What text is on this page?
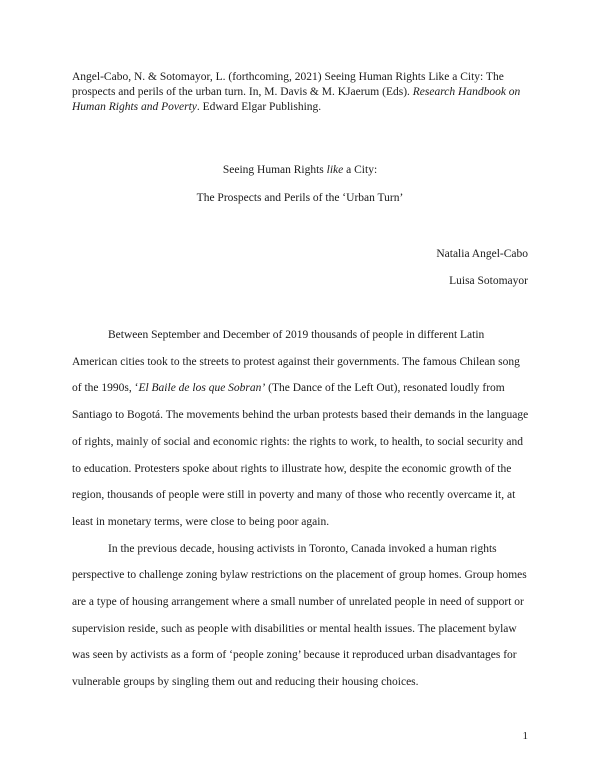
Angel-Cabo, N. & Sotomayor, L. (forthcoming, 2021) Seeing Human Rights Like a City: The prospects and perils of the urban turn. In, M. Davis & M. KJaerum (Eds). Research Handbook on Human Rights and Poverty. Edward Elgar Publishing.
Seeing Human Rights like a City:
The Prospects and Perils of the ‘Urban Turn’
Natalia Angel-Cabo
Luisa Sotomayor

Between September and December of 2019 thousands of people in different Latin American cities took to the streets to protest against their governments. The famous Chilean song of the 1990s, ‘El Baile de los que Sobran’ (The Dance of the Left Out), resonated loudly from Santiago to Bogotá. The movements behind the urban protests based their demands in the language of rights, mainly of social and economic rights: the rights to work, to health, to social security and to education. Protesters spoke about rights to illustrate how, despite the economic growth of the region, thousands of people were still in poverty and many of those who recently overcame it, at least in monetary terms, were close to being poor again.

In the previous decade, housing activists in Toronto, Canada invoked a human rights perspective to challenge zoning bylaw restrictions on the placement of group homes. Group homes are a type of housing arrangement where a small number of unrelated people in need of support or supervision reside, such as people with disabilities or mental health issues. The placement bylaw was seen by activists as a form of ‘people zoning’ because it reproduced urban disadvantages for vulnerable groups by singling them out and reducing their housing choices.

1
